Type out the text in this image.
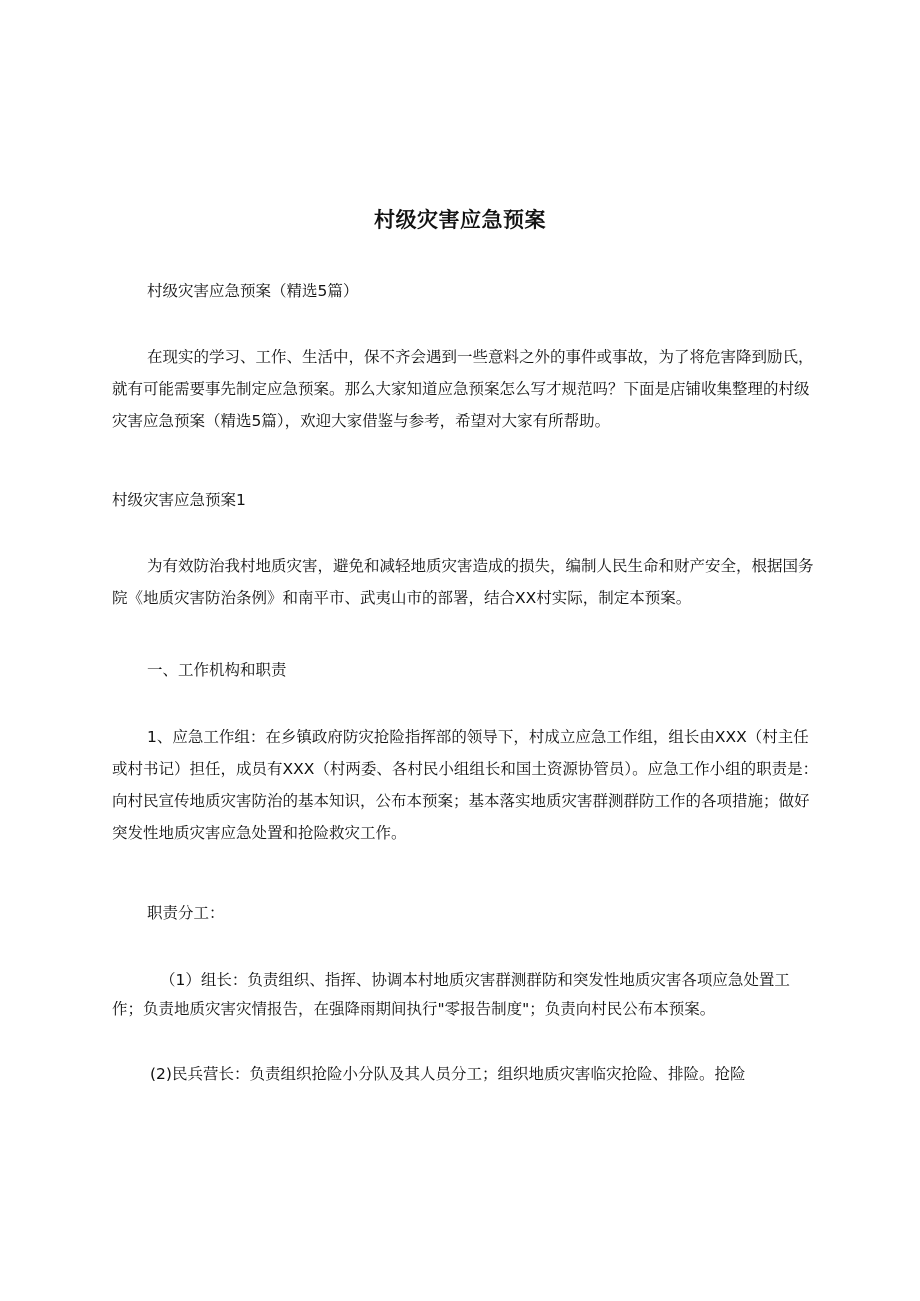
村级灾害应急预案

村级灾害应急预案（精选5篇）

在现实的学习、工作、生活中，保不齐会遇到一些意料之外的事件或事故，为了将危害降到励氏，就有可能需要事先制定应急预案。那么大家知道应急预案怎么写才规范吗？下面是店铺收集整理的村级灾害应急预案（精选5篇），欢迎大家借鉴与参考，希望对大家有所帮助。

村级灾害应急预案1

为有效防治我村地质灾害，避免和减轻地质灾害造成的损失，编制人民生命和财产安全，根据国务院《地质灾害防治条例》和南平市、武夷山市的部署，结合XX村实际，制定本预案。

一、工作机构和职责

1、应急工作组：在乡镇政府防灾抢险指挥部的领导下，村成立应急工作组，组长由XXX（村主任或村书记）担任，成员有XXX（村两委、各村民小组组长和国土资源协管员）。应急工作小组的职责是：向村民宣传地质灾害防治的基本知识，公布本预案；基本落实地质灾害群测群防工作的各项措施；做好突发性地质灾害应急处置和抢险救灾工作。

职责分工：

（1）组长：负责组织、指挥、协调本村地质灾害群测群防和突发性地质灾害各项应急处置工作；负责地质灾害灾情报告，在强降雨期间执行"零报告制度"；负责向村民公布本预案。

(2)民兵营长：负责组织抢险小分队及其人员分工；组织地质灾害临灾抢险、排险。抢险
